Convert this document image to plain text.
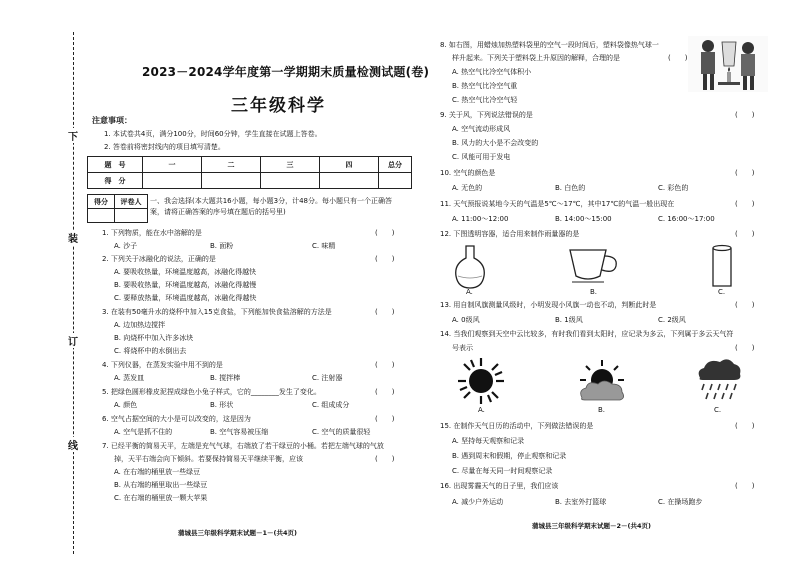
下
装
订
线
2023－2024学年度第一学期期末质量检测试题(卷)
三年级科学
注意事项：
1. 本试卷共4页，满分100分，时间60分钟，学生直接在试题上答卷。
2. 答卷前将密封线内的项目填写清楚。
题　号	一	二	三	四	总分
得　分					
得分	评卷人
	一、我会选择(本大题共16小题，每小题3分，计48分。每小题只有一个正确答案，请将正确答案的序号填在题后的括号里)
1. 下列物质，能在水中溶解的是	(　　)
A. 沙子	B. 面粉	C. 味精
2. 下列关于冰融化的说法，正确的是	(　　)
A. 要吸收热量，环境温度越高，冰融化得越快
B. 要吸收热量，环境温度越高，冰融化得越慢
C. 要释放热量，环境温度越高，冰融化得越快
3. 在装有50毫升水的烧杯中加入15克食盐，下列能加快食盐溶解的方法是	(　　)
A. 边加热边搅拌
B. 向烧杯中加入许多冰块
C. 将烧杯中的水倒出去
4. 下列仪器，在蒸发实验中用不到的是	(　　)
A. 蒸发皿	B. 搅拌棒	C. 注射器
5. 把绿色圆形橡皮泥捏成绿色小兔子样式，它的________发生了变化。	(　　)
A. 颜色	B. 形状	C. 组成成分
6. 空气占据空间的大小是可以改变的，这是因为	(　　)
A. 空气是抓不住的	B. 空气容易被压缩	C. 空气的质量很轻
7. 已经平衡的简易天平，左端是充气气球，右端放了若干绿豆的小桶。若把左端气球的气放
掉，天平右端会向下倾斜。若要保持简易天平继续平衡，应该	(　　)
A. 在右端的桶里放一些绿豆
B. 从右端的桶里取出一些绿豆
C. 在右端的桶里放一颗大苹果
蒲城县三年级科学期末试题－1－(共4页)
8. 如右图，用蜡烛加热塑料袋里的空气一段时间后，塑料袋像热气球一
样升起来。下列关于塑料袋上升原因的解释，合理的是	(　　)
A. 热空气比冷空气体积小
B. 热空气比冷空气重
C. 热空气比冷空气轻
9. 关于风，下列说法错误的是	(　　)
A. 空气流动形成风
B. 风力的大小是不会改变的
C. 风能可用于发电
10. 空气的颜色是	(　　)
A. 无色的	B. 白色的	C. 彩色的
11. 天气预报说某地今天的气温是5℃～17℃，其中17℃的气温一般出现在	(　　)
A. 11:00～12:00	B. 14:00～15:00	C. 16:00～17:00
12. 下图透明容器，适合用来制作雨量器的是	(　　)
A.	B.	C.
13. 用自制风旗测量风级时，小明发现小风旗一动也不动，判断此时是	(　　)
A. 0级风	B. 1级风	C. 2级风
14. 当我们观察到天空中云比较多，有时我们看到太阳时，应记录为多云，下列属于多云天气符
号表示	(　　)
A.	B.	C.
15. 在制作天气日历的活动中，下列做法错误的是	(　　)
A. 坚持每天观察和记录
B. 遇到周末和假期，停止观察和记录
C. 尽量在每天同一时间观察记录
16. 出现雾霾天气的日子里，我们应该	(　　)
A. 减少户外运动	B. 去室外打篮球	C. 在操场跑步
蒲城县三年级科学期末试题－2－(共4页)
